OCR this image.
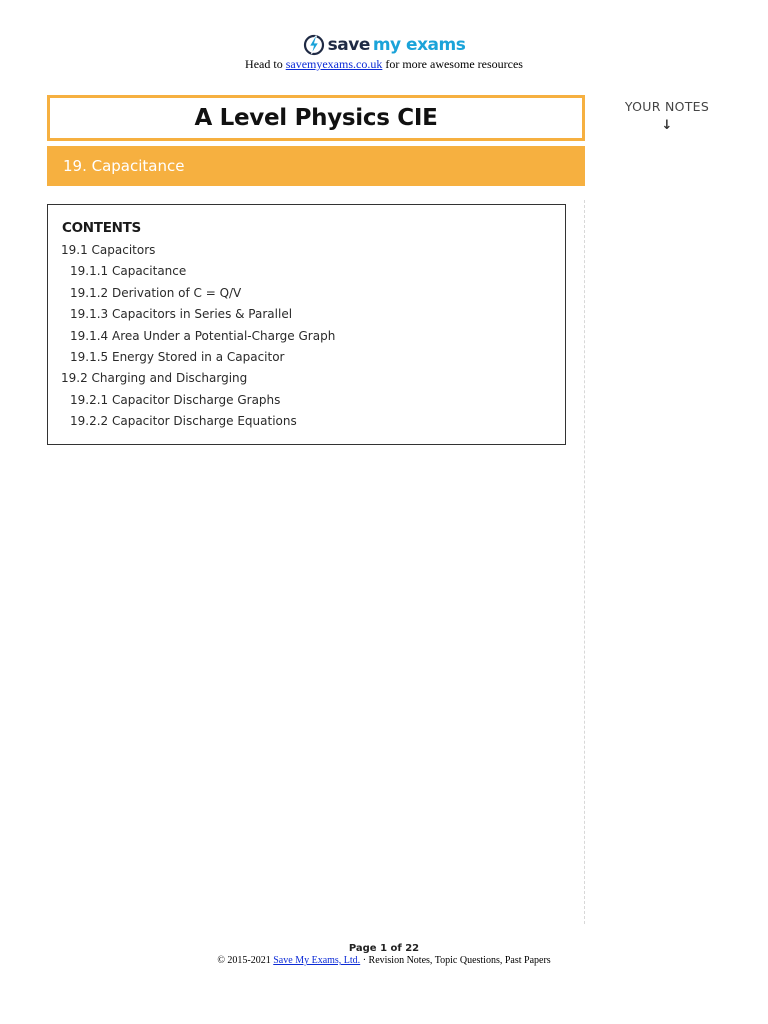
save my exams
Head to savemyexams.co.uk for more awesome resources
A Level Physics CIE
19. Capacitance
YOUR NOTES
↓
CONTENTS
19.1 Capacitors
19.1.1 Capacitance
19.1.2 Derivation of C = Q/V
19.1.3 Capacitors in Series & Parallel
19.1.4 Area Under a Potential-Charge Graph
19.1.5 Energy Stored in a Capacitor
19.2 Charging and Discharging
19.2.1 Capacitor Discharge Graphs
19.2.2 Capacitor Discharge Equations
Page 1 of 22
© 2015-2021 Save My Exams, Ltd. · Revision Notes, Topic Questions, Past Papers
